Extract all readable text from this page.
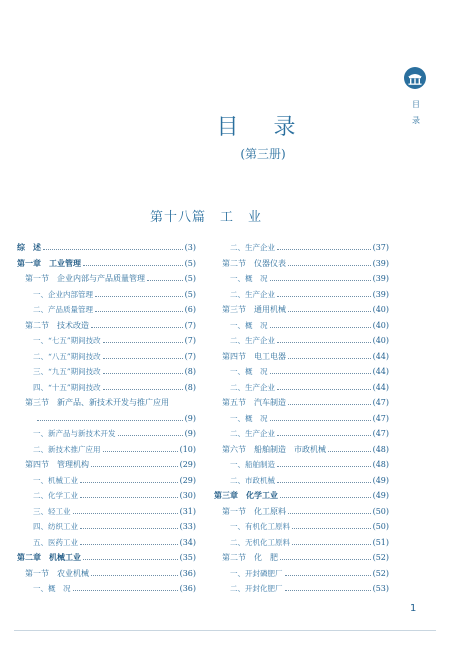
目
录
目 录
(第三册)
第十八篇　工　业
综　述	(3)
第一章　工业管理	(5)
第一节　企业内部与产品质量管理	(5)
一、企业内部管理	(5)
二、产品质量管理	(6)
第二节　技术改造	(7)
一、“七五”期间技改	(7)
二、“八五”期间技改	(7)
三、“九五”期间技改	(8)
四、“十五”期间技改	(8)
第三节　新产品、新技术开发与推广应用
(9)
一、新产品与新技术开发	(9)
二、新技术推广应用	(10)
第四节　管理机构	(29)
一、机械工业	(29)
二、化学工业	(30)
三、轻工业	(31)
四、纺织工业	(33)
五、医药工业	(34)
第二章　机械工业	(35)
第一节　农业机械	(36)
一、概　况	(36)
二、生产企业	(37)
第二节　仪器仪表	(39)
一、概　况	(39)
二、生产企业	(39)
第三节　通用机械	(40)
一、概　况	(40)
二、生产企业	(40)
第四节　电工电器	(44)
一、概　况	(44)
二、生产企业	(44)
第五节　汽车制造	(47)
一、概　况	(47)
二、生产企业	(47)
第六节　船舶制造　市政机械	(48)
一、船舶制造	(48)
二、市政机械	(49)
第三章　化学工业	(49)
第一节　化工原料	(50)
一、有机化工原料	(50)
二、无机化工原料	(51)
第二节　化　肥	(52)
一、开封磷肥厂	(52)
二、开封化肥厂	(53)
1
